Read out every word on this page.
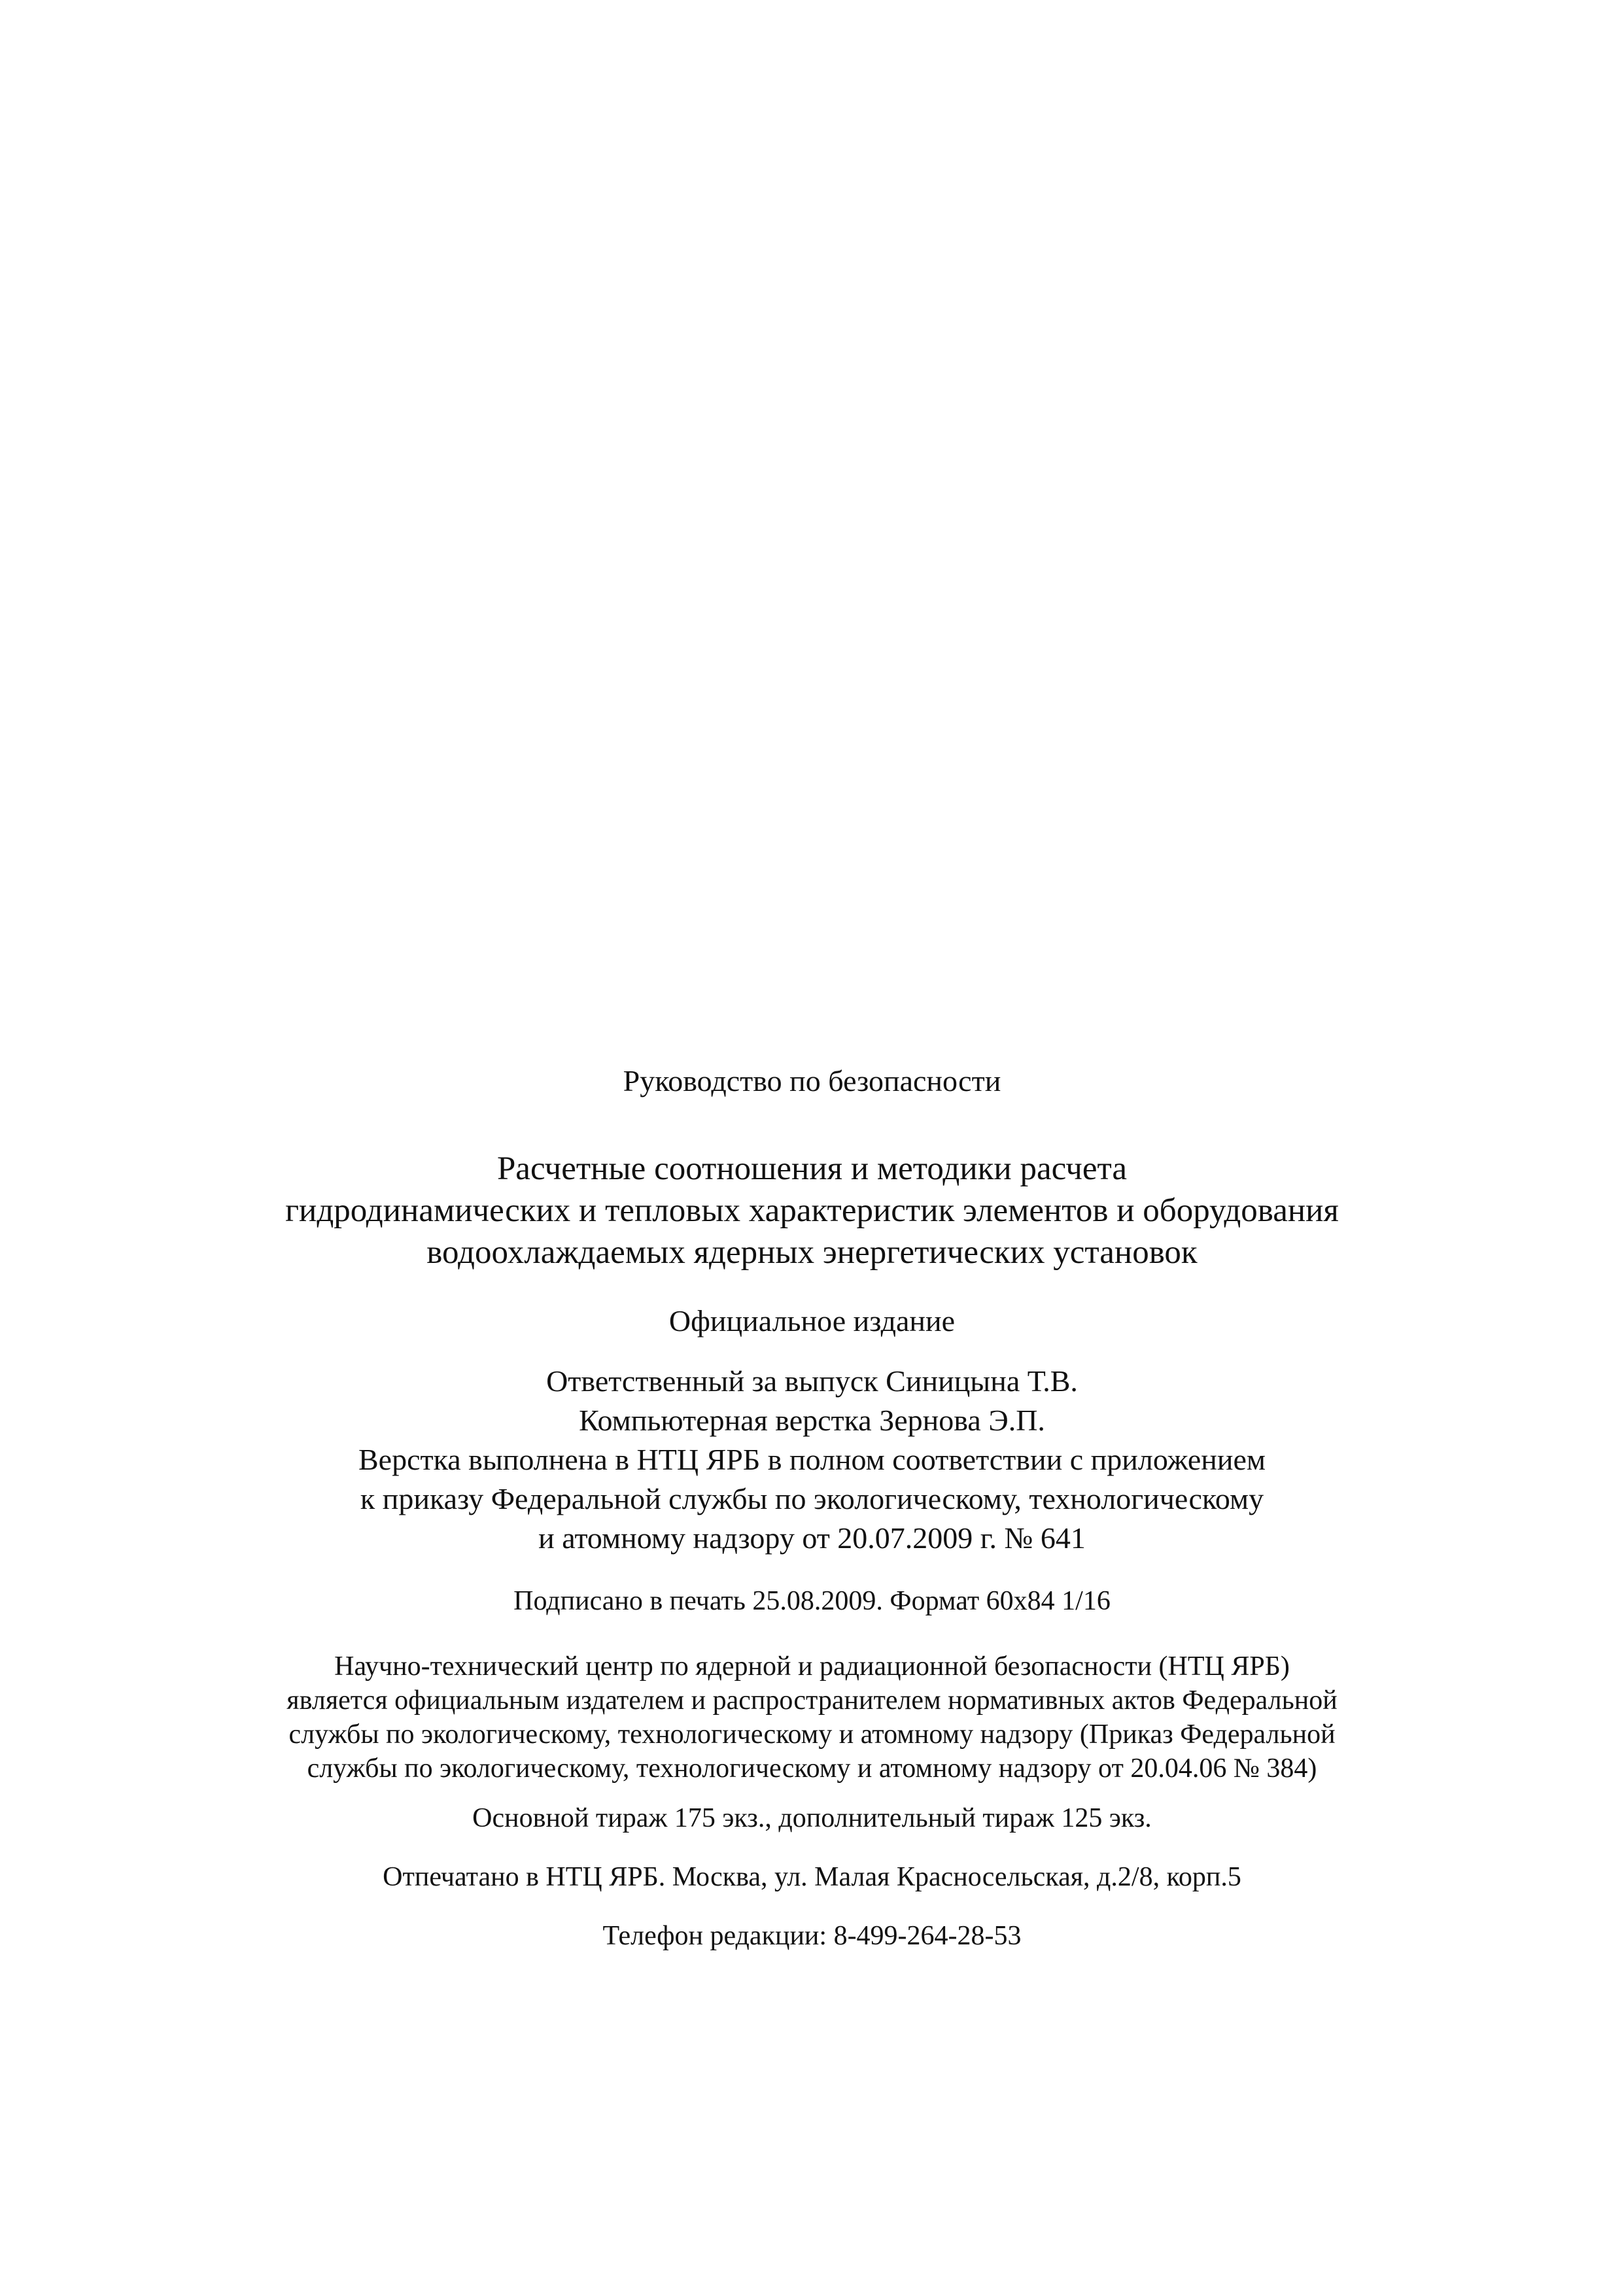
Руководство по безопасности
Расчетные соотношения и методики расчета
гидродинамических и тепловых характеристик элементов и оборудования
водоохлаждаемых ядерных энергетических установок
Официальное издание
Ответственный за выпуск Синицына Т.В.
Компьютерная верстка Зернова Э.П.
Верстка выполнена в НТЦ ЯРБ в полном соответствии с приложением
к приказу Федеральной службы по экологическому, технологическому
и атомному надзору от 20.07.2009 г. № 641
Подписано в печать 25.08.2009. Формат 60х84 1/16
Научно-технический центр по ядерной и радиационной безопасности (НТЦ ЯРБ)
является официальным издателем и распространителем нормативных актов Федеральной
службы по экологическому, технологическому и атомному надзору (Приказ Федеральной
службы по экологическому, технологическому и атомному надзору от 20.04.06 № 384)
Основной тираж 175 экз., дополнительный тираж 125 экз.
Отпечатано в НТЦ ЯРБ. Москва, ул. Малая Красносельская, д.2/8, корп.5
Телефон редакции: 8-499-264-28-53
